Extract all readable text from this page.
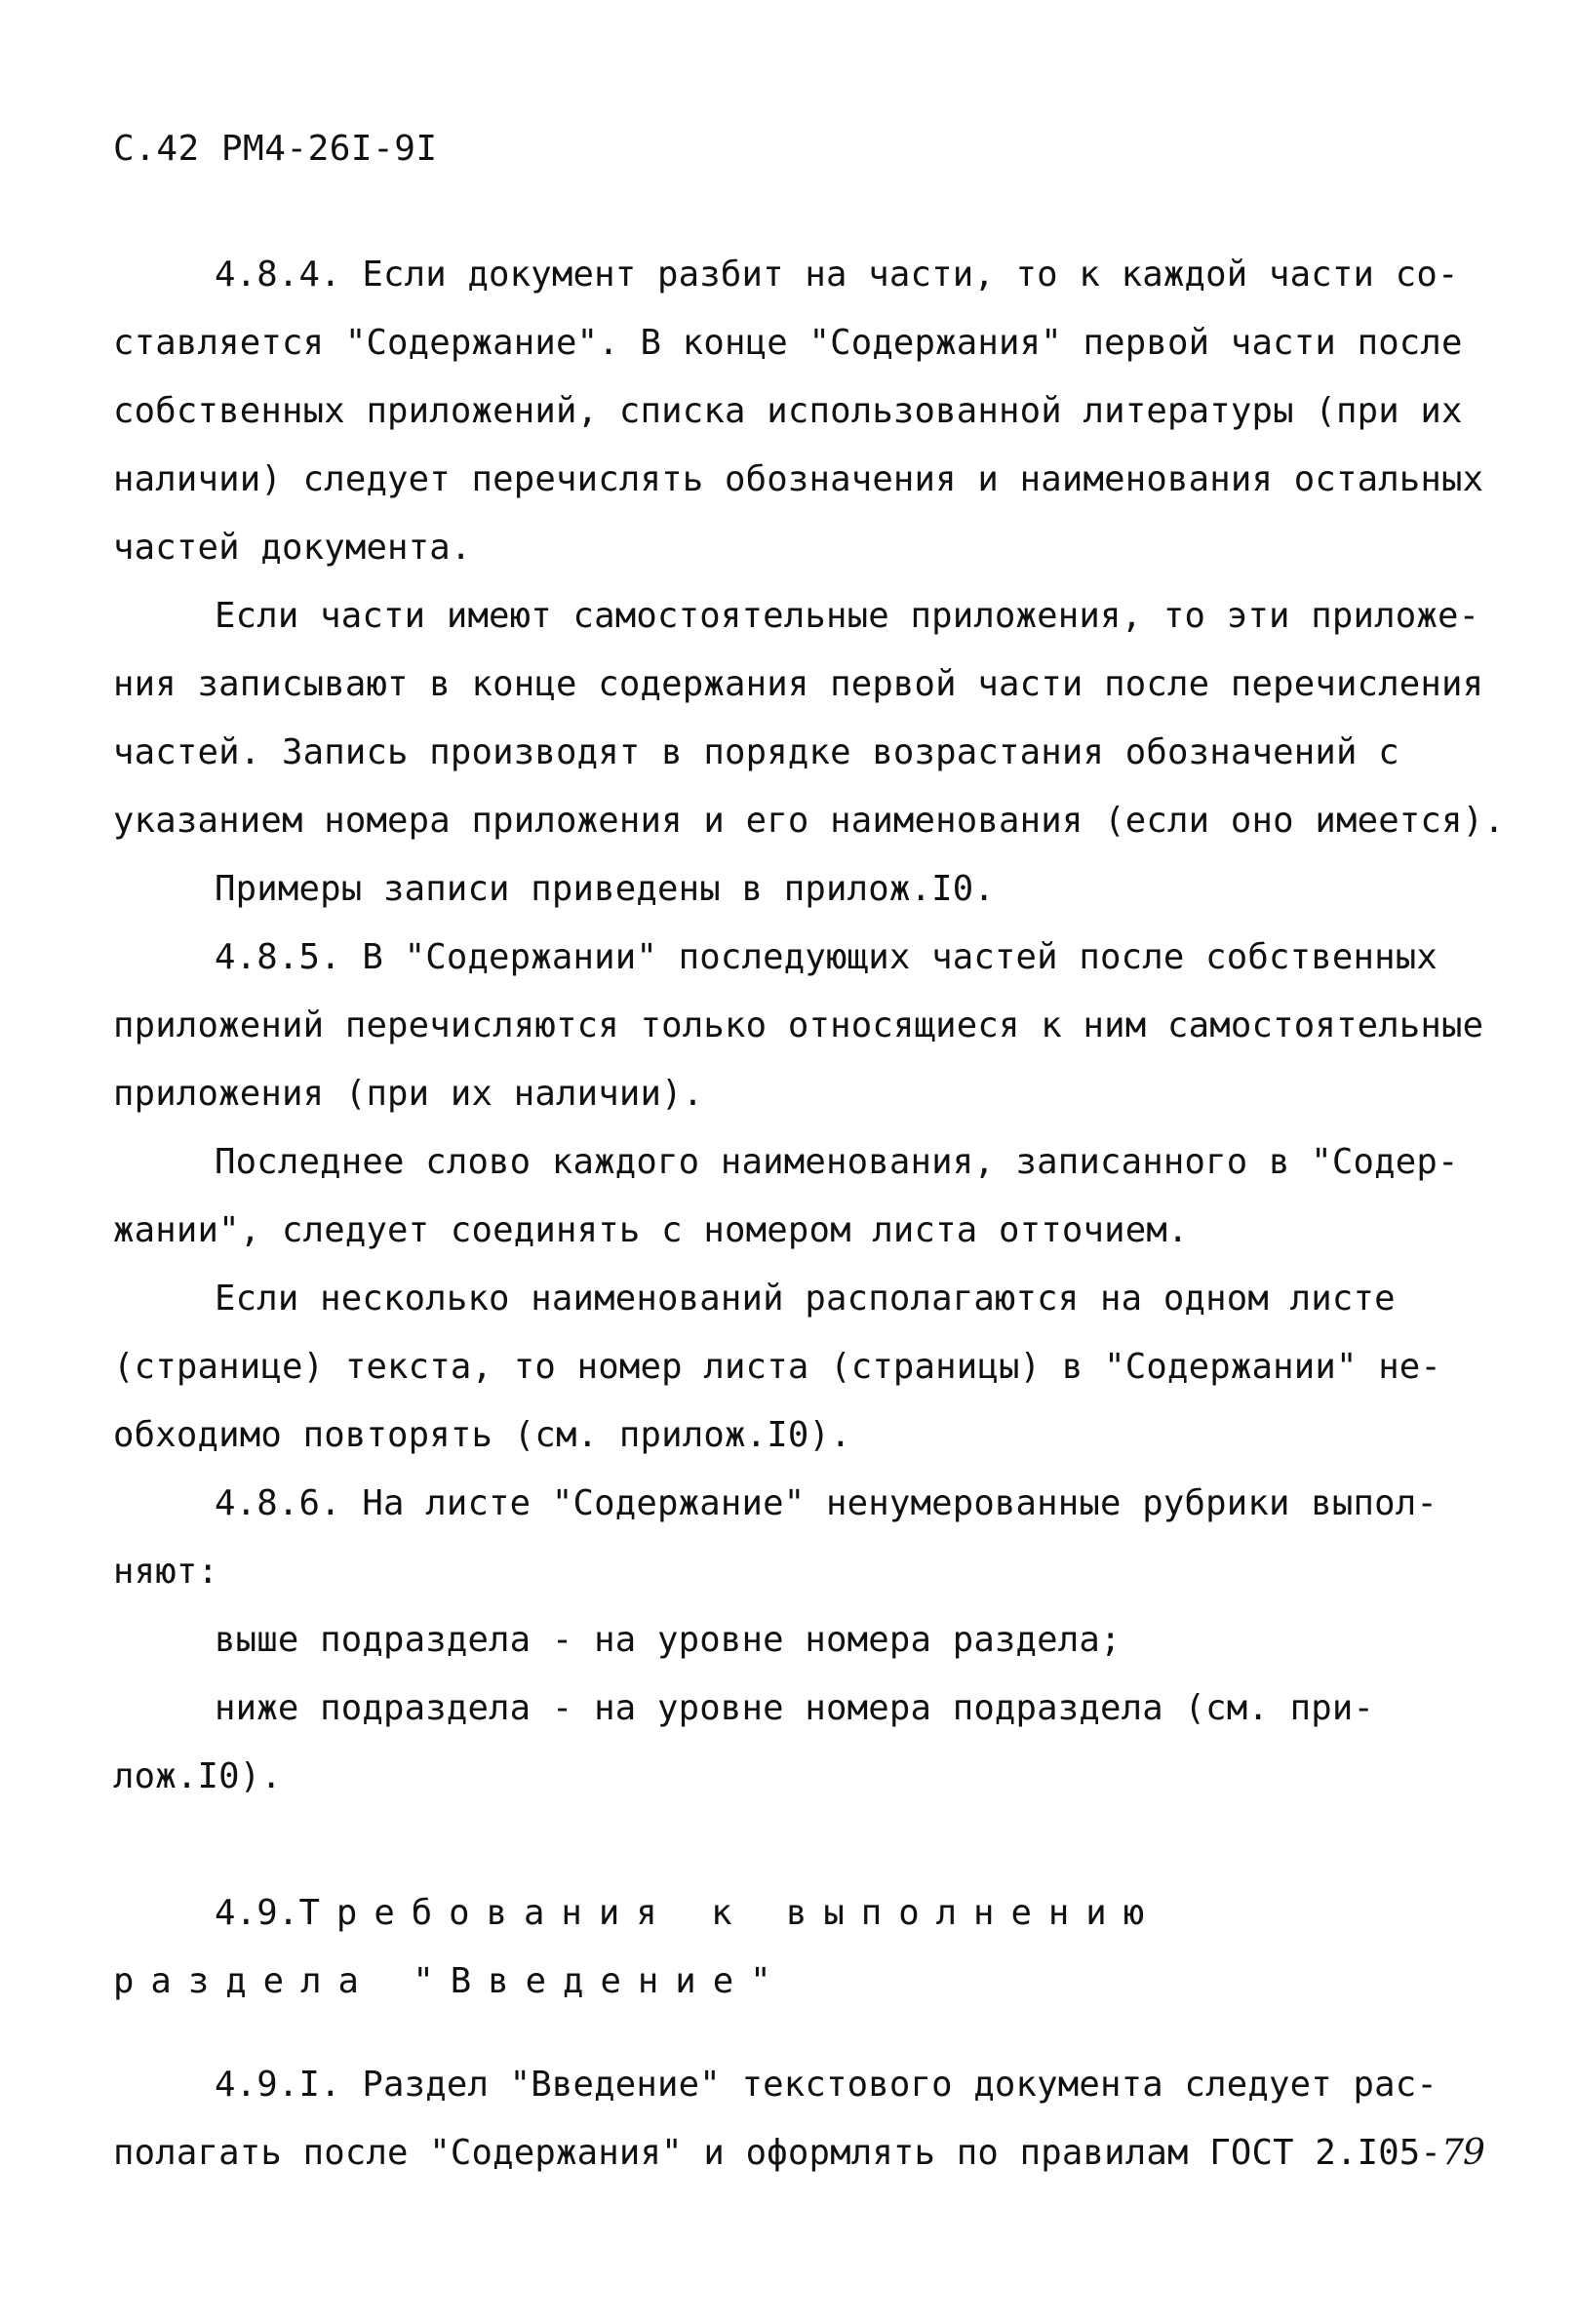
С.42 РМ4-26I-9I
4.8.4. Если документ разбит на части, то к каждой части со-
ставляется "Содержание". В конце "Содержания" первой части после
собственных приложений, списка использованной литературы (при их
наличии) следует перечислять обозначения и наименования остальных
частей документа.
Если части имеют самостоятельные приложения, то эти приложе-
ния записывают в конце содержания первой части после перечисления
частей. Запись производят в порядке возрастания обозначений с
указанием номера приложения и его наименования (если оно имеется).
Примеры записи приведены в прилож.I0.
4.8.5. В "Содержании" последующих частей после собственных
приложений перечисляются только относящиеся к ним самостоятельные
приложения (при их наличии).
Последнее слово каждого наименования, записанного в "Содер-
жании", следует соединять с номером листа отточием.
Если несколько наименований располагаются на одном листе
(странице) текста, то номер листа (страницы) в "Содержании" не-
обходимо повторять (см. прилож.I0).
4.8.6. На листе "Содержание" ненумерованные рубрики выпол-
няют:
выше подраздела - на уровне номера раздела;
ниже подраздела - на уровне номера подраздела (см. при-
лож.I0).
4.9.Требования к выполнению
раздела "Введение"
4.9.I. Раздел "Введение" текстового документа следует рас-
полагать после "Содержания" и оформлять по правилам ГОСТ 2.I05-79
